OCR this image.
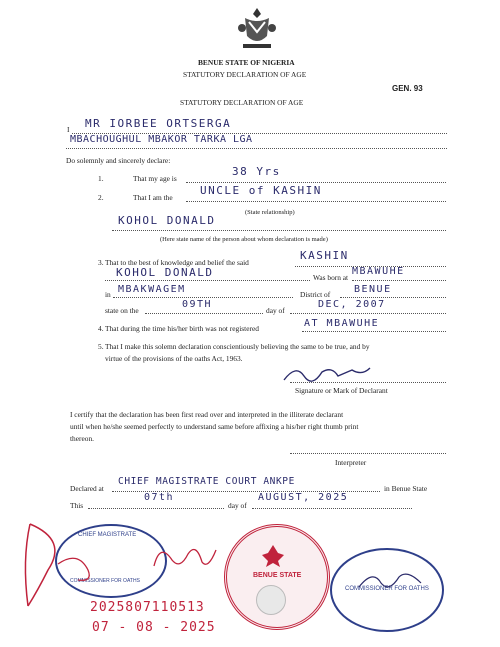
BENUE STATE OF NIGERIA
STATUTORY DECLARATION OF AGE
GEN. 93
STATUTORY DECLARATION OF AGE
I MR IORBEE ORTSERGA
MBACHOUGHUL MBAKOR TARKA LGA
Do solemnly and sincerely declare:
1.	That my age is
38 Yrs
2.	That I am the
UNCLE of KASHIN
KOHOL DONALD
(State relationship)
(Here state name of the person about whom declaration is made)
3. That to the best of knowledge and belief the said
KASHIN
KOHOL DONALD	Was born at
MBAWUHE
in MBAKWAGEM	District of BENUE
state on the
09TH
day of
DEC, 2007
4. That during the time his/her birth was not registered	AT MBAWUHE
5. That I make this solemn declaration conscientiously believing the same to be true, and by
virtue of the provisions of the oaths Act, 1963.
Signature or Mark of Declarant
I certify that the declaration has been first read over and interpreted in the illiterate declarant
until when he/she seemed perfectly to understand same before affixing a his/her right thumb print
thereon.
Interpreter
Declared at
CHIEF MAGISTRATE COURT ANKPE
in Benue State
This
07th
day of
AUGUST, 2025
CHIEF MAGISTRATE
COMMISSIONER FOR OATHS
BENUE STATE
COMMISSIONER FOR OATHS
2025807110513
07 - 08 - 2025
